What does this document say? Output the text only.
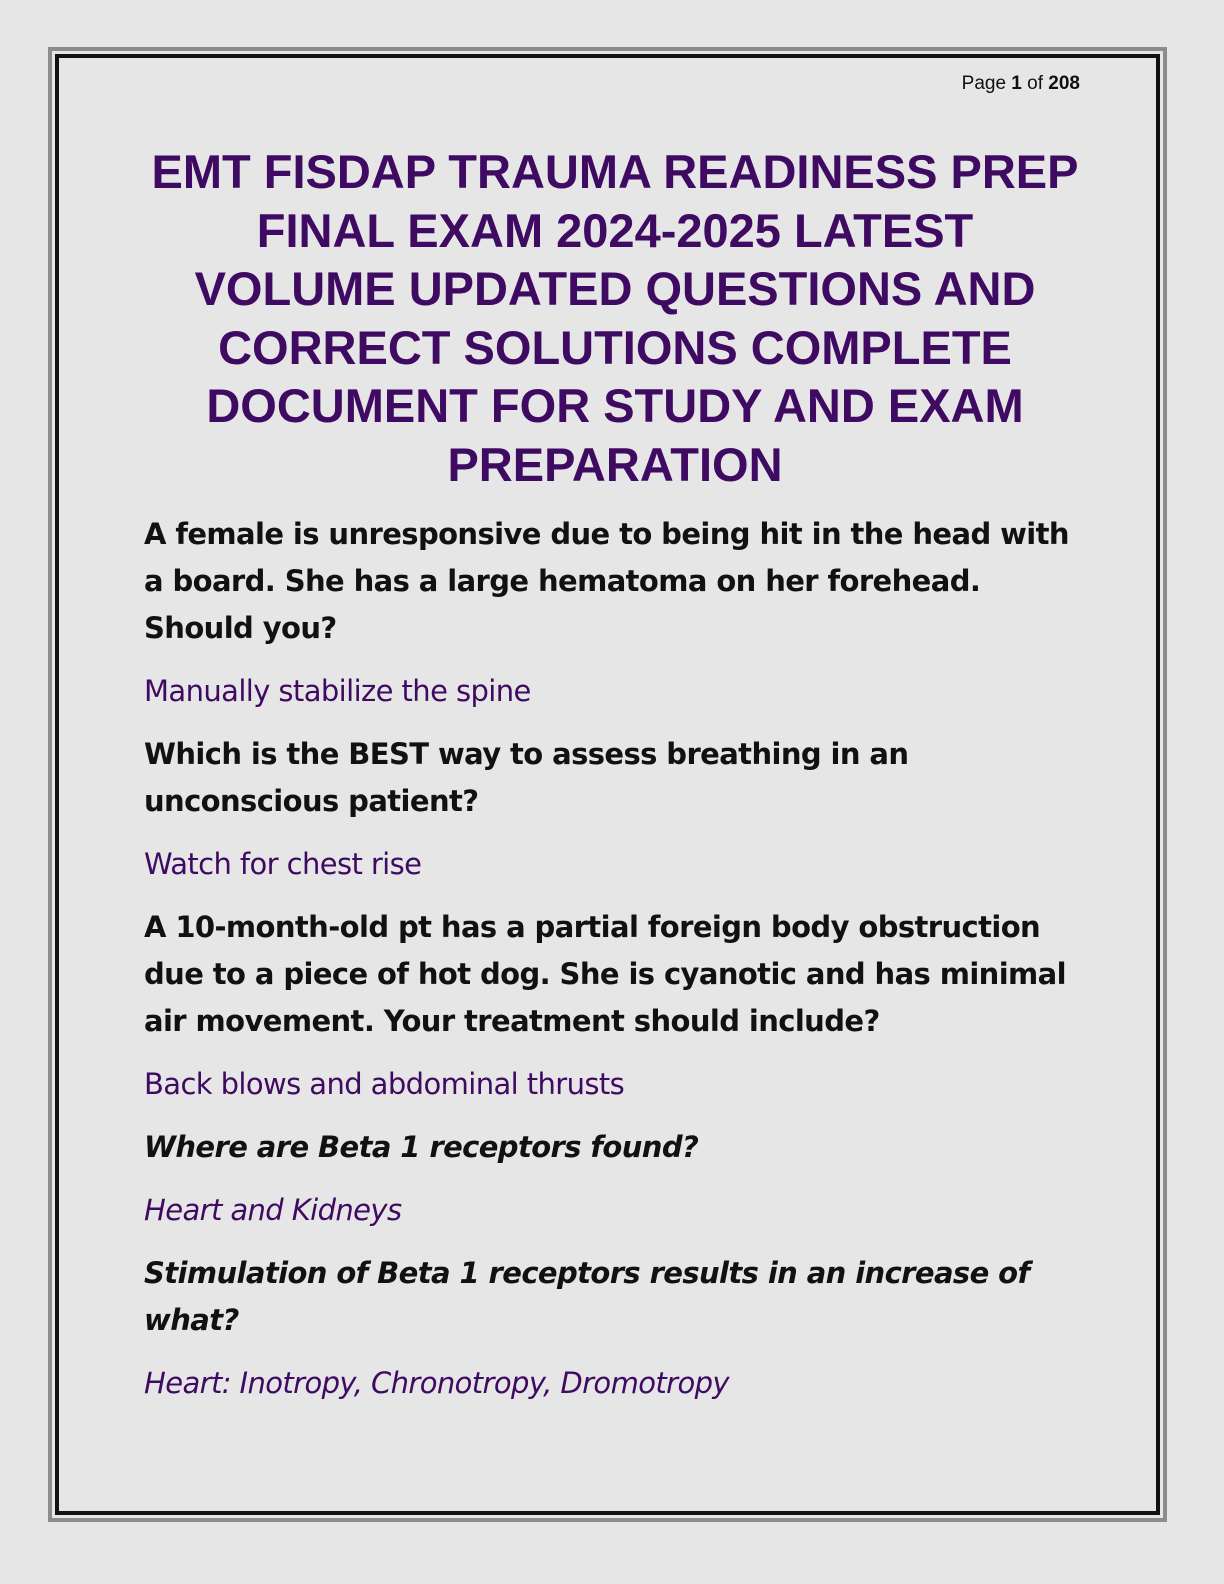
Page 1 of 208
EMT FISDAP TRAUMA READINESS PREP FINAL EXAM 2024-2025 LATEST VOLUME UPDATED QUESTIONS AND CORRECT SOLUTIONS COMPLETE DOCUMENT FOR STUDY AND EXAM PREPARATION

A female is unresponsive due to being hit in the head with a board. She has a large hematoma on her forehead. Should you?

Manually stabilize the spine

Which is the BEST way to assess breathing in an unconscious patient?

Watch for chest rise

A 10-month-old pt has a partial foreign body obstruction due to a piece of hot dog. She is cyanotic and has minimal air movement. Your treatment should include?

Back blows and abdominal thrusts

Where are Beta 1 receptors found?

Heart and Kidneys

Stimulation of Beta 1 receptors results in an increase of what?

Heart: Inotropy, Chronotropy, Dromotropy
